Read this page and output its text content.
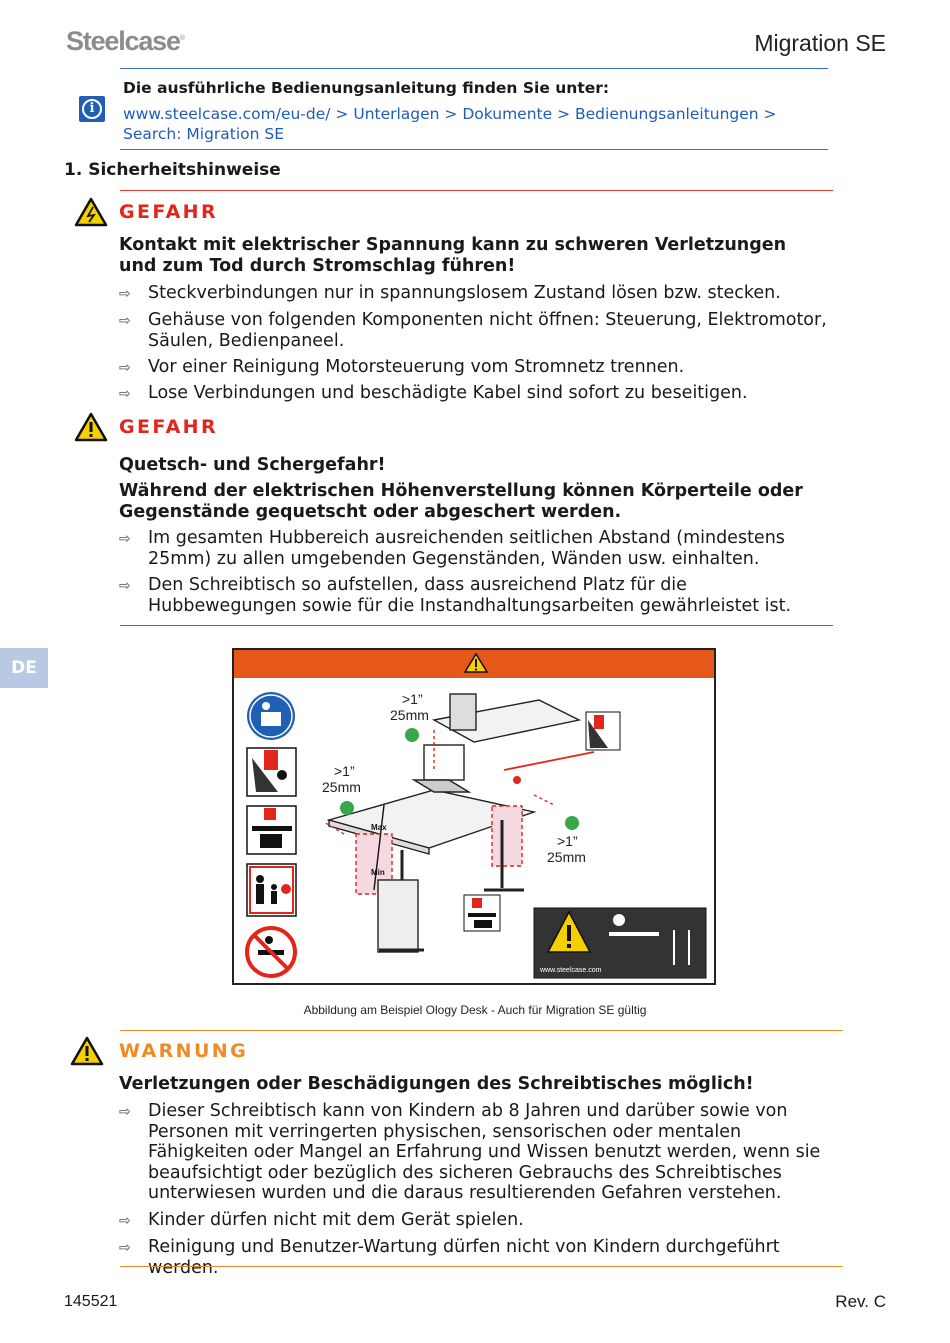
Steelcase®	Migration SE
i
Die ausführliche Bedienungsanleitung finden Sie unter:
www.steelcase.com/eu-de/ > Unterlagen > Dokumente > Bedienungsanleitungen > Search: Migration SE
1. Sicherheitshinweise
GEFAHR
Kontakt mit elektrischer Spannung kann zu schweren Verletzungen und zum Tod durch Stromschlag führen!
⇨ Steckverbindungen nur in spannungslosem Zustand lösen bzw. stecken.
⇨ Gehäuse von folgenden Komponenten nicht öffnen: Steuerung, Elektromotor, Säulen, Bedienpaneel.
⇨ Vor einer Reinigung Motorsteuerung vom Stromnetz trennen.
⇨ Lose Verbindungen und beschädigte Kabel sind sofort zu beseitigen.
GEFAHR
Quetsch- und Schergefahr!
Während der elektrischen Höhenverstellung können Körperteile oder Gegenstände gequetscht oder abgeschert werden.
⇨ Im gesamten Hubbereich ausreichenden seitlichen Abstand (mindestens 25mm) zu allen umgebenden Gegenständen, Wänden usw. einhalten.
⇨ Den Schreibtisch so aufstellen, dass ausreichend Platz für die Hubbewegungen sowie für die Instandhaltungsarbeiten gewährleistet ist.
DE
>1”
25mm
>1”
25mm
>1”
25mm
Max
Min
www.steelcase.com
Abbildung am Beispiel Ology Desk - Auch für Migration SE gültig
WARNUNG
Verletzungen oder Beschädigungen des Schreibtisches möglich!
⇨ Dieser Schreibtisch kann von Kindern ab 8 Jahren und darüber sowie von Personen mit verringerten physischen, sensorischen oder mentalen Fähigkeiten oder Mangel an Erfahrung und Wissen benutzt werden, wenn sie beaufsichtigt oder bezüglich des sicheren Gebrauchs des Schreibtisches unterwiesen wurden und die daraus resultierenden Gefahren verstehen.
⇨ Kinder dürfen nicht mit dem Gerät spielen.
⇨ Reinigung und Benutzer-Wartung dürfen nicht von Kindern durchgeführt werden.
145521	Rev. C
